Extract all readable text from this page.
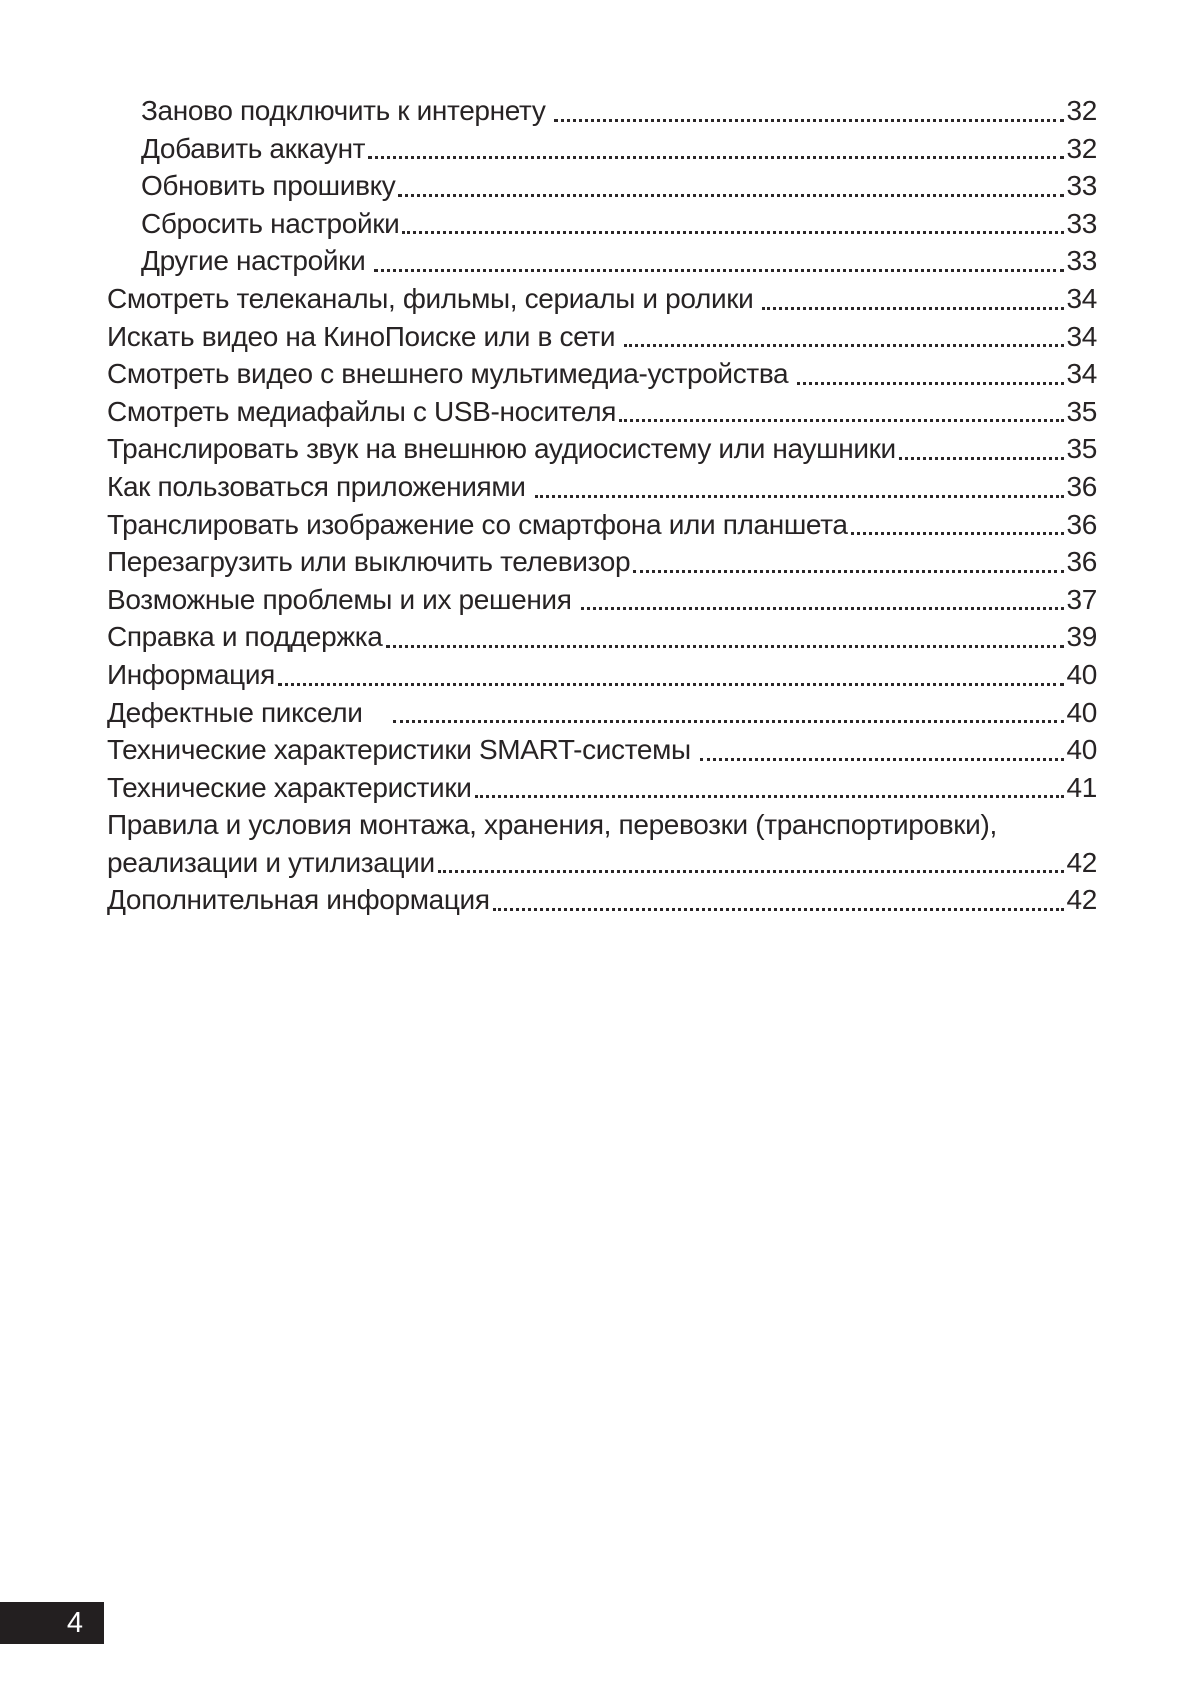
Заново подключить к интернету	32
Добавить аккаунт	32
Обновить прошивку	33
Сбросить настройки	33
Другие настройки	33
Смотреть телеканалы, фильмы, сериалы и ролики	34
Искать видео на КиноПоиске или в сети	34
Смотреть видео с внешнего мультимедиа-устройства	34
Смотреть медиафайлы с USB-носителя	35
Транслировать звук на внешнюю аудиосистему или наушники	35
Как пользоваться приложениями	36
Транслировать изображение со смартфона или планшета	36
Перезагрузить или выключить телевизор	36
Возможные проблемы и их решения	37
Справка и поддержка	39
Информация	40
Дефектные пиксели	40
Технические характеристики SMART-системы	40
Технические характеристики	41
Правила и условия монтажа, хранения, перевозки (транспортировки),
реализации и утилизации	42
Дополнительная информация	42
4
